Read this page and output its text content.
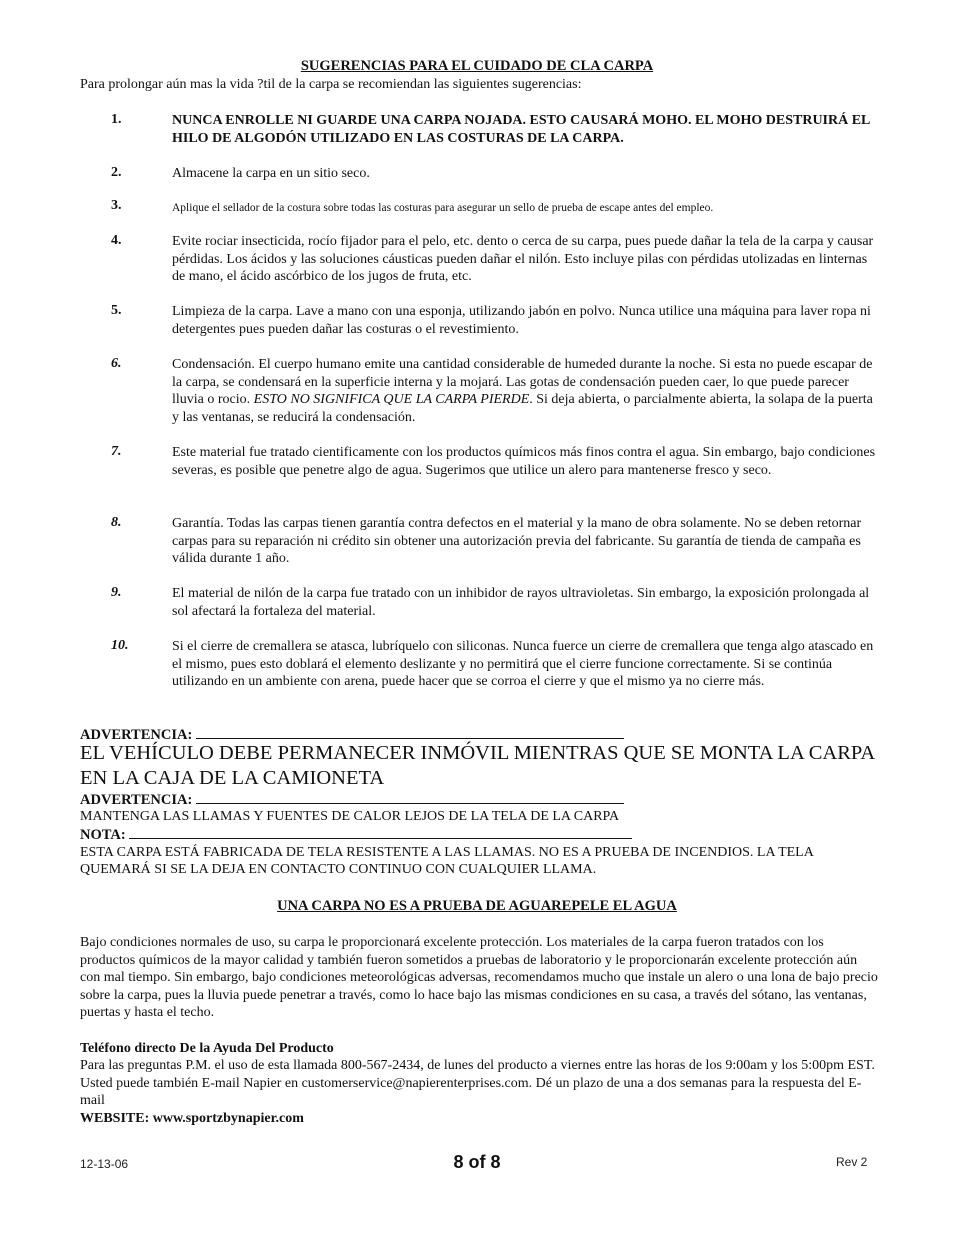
SUGERENCIAS PARA EL CUIDADO DE CLA CARPA
Para prolongar aún mas la vida ?til de la carpa se recomiendan las siguientes sugerencias:
1.	NUNCA ENROLLE NI GUARDE UNA CARPA NOJADA. ESTO CAUSARÁ MOHO. EL MOHO DESTRUIRÁ EL HILO DE ALGODÓN UTILIZADO EN LAS COSTURAS DE LA CARPA.
2.	Almacene la carpa en un sitio seco.
3.	Aplique el sellador de la costura sobre todas las costuras para asegurar un sello de prueba de escape antes del empleo.
4.	Evite rociar insecticida, rocío fijador para el pelo, etc. dento o cerca de su carpa, pues puede dañar la tela de la carpa y causar pérdidas. Los ácidos y las soluciones cáusticas pueden dañar el nilón. Esto incluye pilas con pérdidas utolizadas en linternas de mano, el ácido ascórbico de los jugos de fruta, etc.
5.	Limpieza de la carpa. Lave a mano con una esponja, utilizando jabón en polvo. Nunca utilice una máquina para laver ropa ni detergentes pues pueden dañar las costuras o el revestimiento.
6.	Condensación. El cuerpo humano emite una cantidad considerable de humeded durante la noche. Si esta no puede escapar de la carpa, se condensará en la superficie interna y la mojará. Las gotas de condensación pueden caer, lo que puede parecer lluvia o rocio. ESTO NO SIGNIFICA QUE LA CARPA PIERDE. Si deja abierta, o parcialmente abierta, la solapa de la puerta y las ventanas, se reducirá la condensación.
7.	Este material fue tratado cientificamente con los productos químicos más finos contra el agua. Sin embargo, bajo condiciones severas, es posible que penetre algo de agua. Sugerimos que utilice un alero para mantenerse fresco y seco.
8.	Garantía. Todas las carpas tienen garantía contra defectos en el material y la mano de obra solamente. No se deben retornar carpas para su reparación ni crédito sin obtener una autorización previa del fabricante. Su garantía de tienda de campaña es válida durante 1 año.
9.	El material de nilón de la carpa fue tratado con un inhibidor de rayos ultravioletas. Sin embargo, la exposición prolongada al sol afectará la fortaleza del material.
10.	Si el cierre de cremallera se atasca, lubríquelo con siliconas. Nunca fuerce un cierre de cremallera que tenga algo atascado en el mismo, pues esto doblará el elemento deslizante y no permitirá que el cierre funcione correctamente. Si se continúa utilizando en un ambiente con arena, puede hacer que se corroa el cierre y que el mismo ya no cierre más.
ADVERTENCIA:
EL VEHÍCULO DEBE PERMANECER INMÓVIL MIENTRAS QUE SE MONTA LA CARPA EN LA CAJA DE LA CAMIONETA
ADVERTENCIA:
MANTENGA LAS LLAMAS Y FUENTES DE CALOR LEJOS DE LA TELA DE LA CARPA
NOTA:
ESTA CARPA ESTÁ FABRICADA DE TELA RESISTENTE A LAS LLAMAS. NO ES A PRUEBA DE INCENDIOS. LA TELA QUEMARÁ SI SE LA DEJA EN CONTACTO CONTINUO CON CUALQUIER LLAMA.
UNA CARPA NO ES A PRUEBA DE AGUAREPELE EL AGUA
Bajo condiciones normales de uso, su carpa le proporcionará excelente protección. Los materiales de la carpa fueron tratados con los productos químicos de la mayor calidad y también fueron sometidos a pruebas de laboratorio y le proporcionarán excelente protección aún con mal tiempo. Sin embargo, bajo condiciones meteorológicas adversas, recomendamos mucho que instale un alero o una lona de bajo precio sobre la carpa, pues la lluvia puede penetrar a través, como lo hace bajo las mismas condiciones en su casa, a través del sótano, las ventanas, puertas y hasta el techo.
Teléfono directo De la Ayuda Del Producto
Para las preguntas P.M. el uso de esta llamada 800-567-2434, de lunes del producto a viernes entre las horas de los 9:00am y los 5:00pm EST. Usted puede también E-mail Napier en customerservice@napierenterprises.com. Dé un plazo de una a dos semanas para la respuesta del E-mail
WEBSITE: www.sportzbynapier.com
12-13-06	8 of 8	Rev 2
